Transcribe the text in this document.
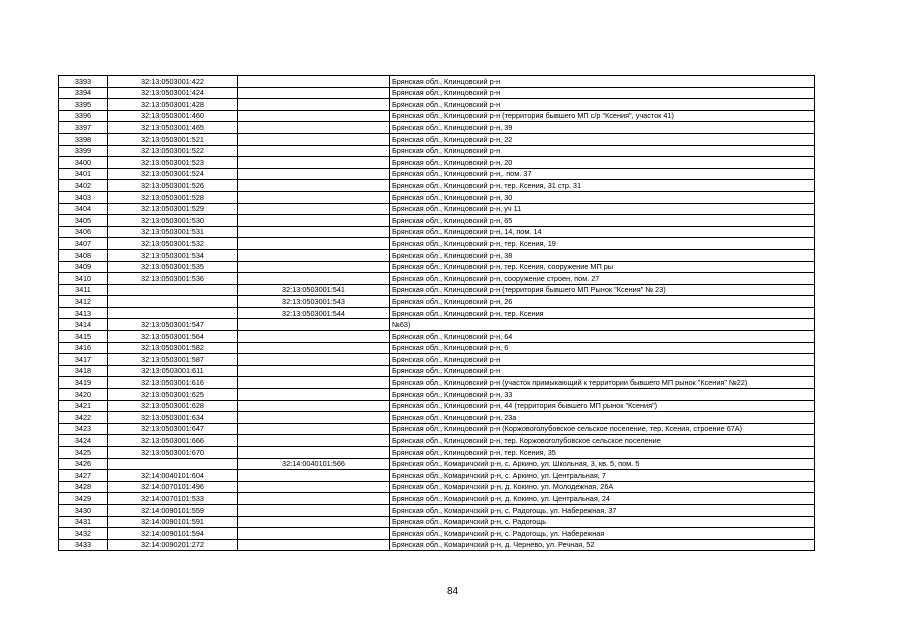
3393	32:13:0503001:422		Брянская обл., Клинцовский р-н
3394	32:13:0503001:424		Брянская обл., Клинцовский р-н
3395	32:13:0503001:428		Брянская обл., Клинцовский р-н
3396	32:13:0503001:460		Брянская обл., Клинцовский р-н (территория бывшего МП с/р "Ксения", участок 41)
3397	32:13:0503001:465		Брянская обл., Клинцовский р-н, 39
3398	32:13:0503001:521		Брянская обл., Клинцовский р-н, 22
3399	32:13:0503001:522		Брянская обл., Клинцовский р-н
3400	32:13:0503001:523		Брянская обл., Клинцовский р-н, 20
3401	32:13:0503001:524		Брянская обл., Клинцовский р-н,. пом. 37
3402	32:13:0503001:526		Брянская обл., Клинцовский р-н, тер. Ксения, 31 стр. 31
3403	32:13:0503001:528		Брянская обл., Клинцовский р-н, 30
3404	32:13:0503001:529		Брянская обл., Клинцовский р-н, уч 11
3405	32:13:0503001:530		Брянская обл., Клинцовский р-н, 65
3406	32:13:0503001:531		Брянская обл., Клинцовский р-н, 14, пом. 14
3407	32:13:0503001:532		Брянская обл., Клинцовский р-н, тер. Ксения, 19
3408	32:13:0503001:534		Брянская обл., Клинцовский р-н, 38
3409	32:13:0503001:535		Брянская обл., Клинцовский р-н, тер. Ксения, сооружение МП ры
3410	32:13:0503001:536		Брянская обл., Клинцовский р-н, сооружение строен, пом. 27
3411		32:13:0503001:541	Брянская обл., Клинцовский р-н (территория бывшего МП Рынок "Ксения" № 23)
3412		32:13:0503001:543	Брянская обл., Клинцовский р-н, 26
3413		32:13:0503001:544	Брянская обл., Клинцовский р-н, тер. Ксения
3414	32:13:0503001:547		№63)
3415	32:13:0503001:564		Брянская обл., Клинцовский р-н, 64
3416	32:13:0503001:582		Брянская обл., Клинцовский р-н, 6
3417	32:13:0503001:587		Брянская обл., Клинцовский р-н
3418	32:13:0503001:611		Брянская обл., Клинцовский р-н
3419	32:13:0503001:616		Брянская обл., Клинцовский р-н (участок примыкающий к территории бывшего МП рынок "Ксения" №22)
3420	32:13:0503001:625		Брянская обл., Клинцовский р-н, 33
3421	32:13:0503001:628		Брянская обл., Клинцовский р-н, 44 (территория бывшего МП рынок "Ксения")
3422	32:13:0503001:634		Брянская обл., Клинцовский р-н, 23а
3423	32:13:0503001:647		Брянская обл., Клинцовский р-н (Коржовоголубовское сельское поселение, тер. Ксения, строение 67А)
3424	32:13:0503001:666		Брянская обл., Клинцовский р-н, тер. Коржовоголубовское сельское поселение
3425	32:13:0503001:670		Брянская обл., Клинцовский р-н, тер. Ксения, 35
3426		32:14:0040101:566	Брянская обл., Комаричский р-н, с. Аркино, ул. Школьная, 3, кв. 5, пом. 5
3427	32:14:0040101:604		Брянская обл., Комаричский р-н, с. Аркино, ул. Центральная, 7
3428	32:14:0070101:496		Брянская обл., Комаричский р-н, д. Кокино, ул. Молодежная, 26А
3429	32:14:0070101:533		Брянская обл., Комаричский р-н, д. Кокино, ул. Центральная, 24
3430	32:14:0090101:559		Брянская обл., Комаричский р-н, с. Радогощь, ул. Набережная, 37
3431	32:14:0090101:591		Брянская обл., Комаричский р-н, с. Радогощь
3432	32:14:0090101:594		Брянская обл., Комаричский р-н, с. Радогощь, ул. Набережная
3433	32:14:0090201:272		Брянская обл., Комаричский р-н, д. Чернево, ул. Речная, 52
84
